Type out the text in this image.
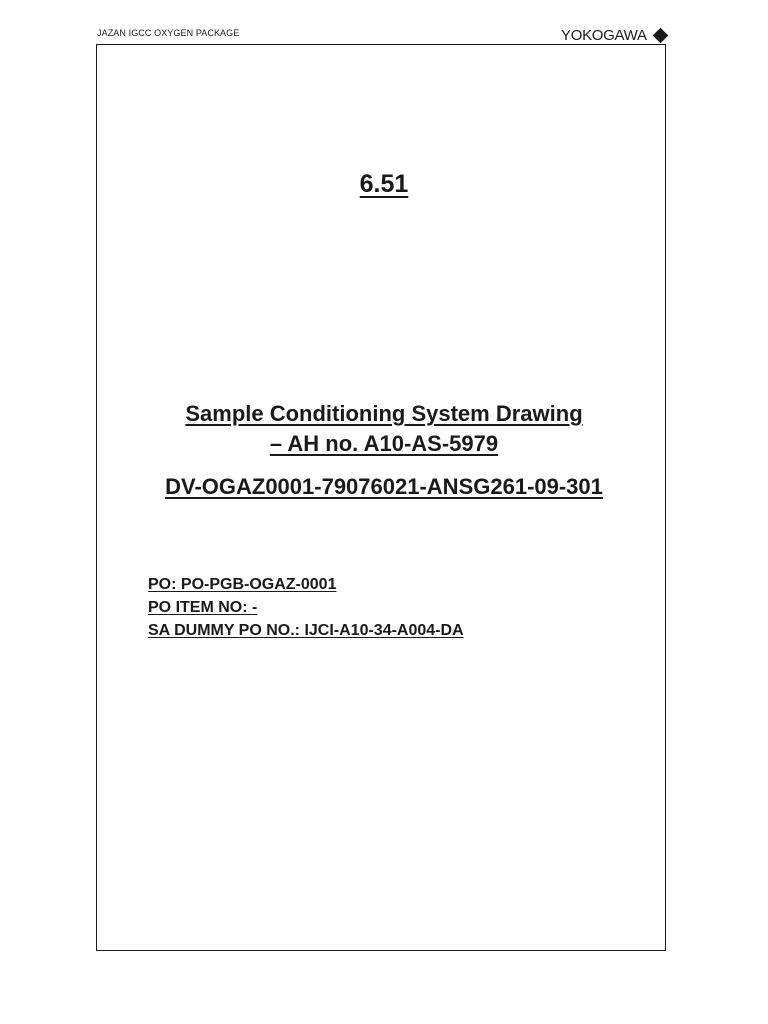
JAZAN IGCC OXYGEN PACKAGE	YOKOGAWA
6.51
Sample Conditioning System Drawing
– AH no. A10-AS-5979
DV-OGAZ0001-79076021-ANSG261-09-301
PO: PO-PGB-OGAZ-0001
PO ITEM NO: -
SA DUMMY PO NO.: IJCI-A10-34-A004-DA
